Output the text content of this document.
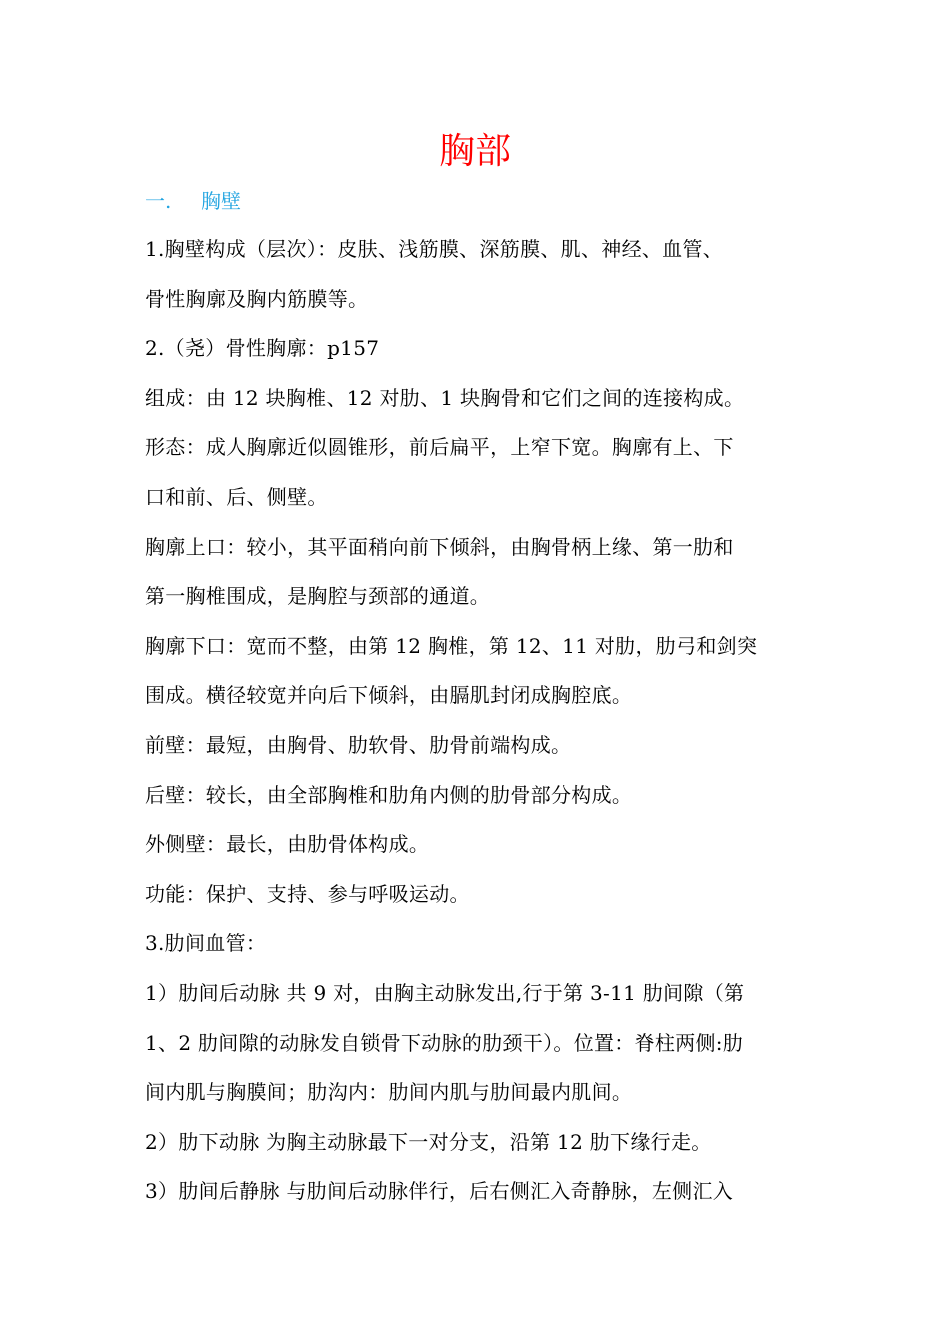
胸部
一. 胸壁

1.胸壁构成（层次）：皮肤、浅筋膜、深筋膜、肌、神经、血管、

骨性胸廓及胸内筋膜等。

2.（尧）骨性胸廓：p157

组成：由 12 块胸椎、12 对肋、1 块胸骨和它们之间的连接构成。

形态：成人胸廓近似圆锥形，前后扁平，上窄下宽。胸廓有上、下

口和前、后、侧壁。

胸廓上口：较小，其平面稍向前下倾斜，由胸骨柄上缘、第一肋和

第一胸椎围成，是胸腔与颈部的通道。

胸廓下口：宽而不整，由第 12 胸椎，第 12、11 对肋，肋弓和剑突

围成。横径较宽并向后下倾斜，由膈肌封闭成胸腔底。

前壁：最短，由胸骨、肋软骨、肋骨前端构成。

后壁：较长，由全部胸椎和肋角内侧的肋骨部分构成。

外侧壁：最长，由肋骨体构成。

功能：保护、支持、参与呼吸运动。

3.肋间血管：

1）肋间后动脉 共 9 对，由胸主动脉发出,行于第 3-11 肋间隙（第

1、2 肋间隙的动脉发自锁骨下动脉的肋颈干）。位置：脊柱两侧:肋

间内肌与胸膜间；肋沟内：肋间内肌与肋间最内肌间。

2）肋下动脉 为胸主动脉最下一对分支，沿第 12 肋下缘行走。

3）肋间后静脉 与肋间后动脉伴行，后右侧汇入奇静脉，左侧汇入
